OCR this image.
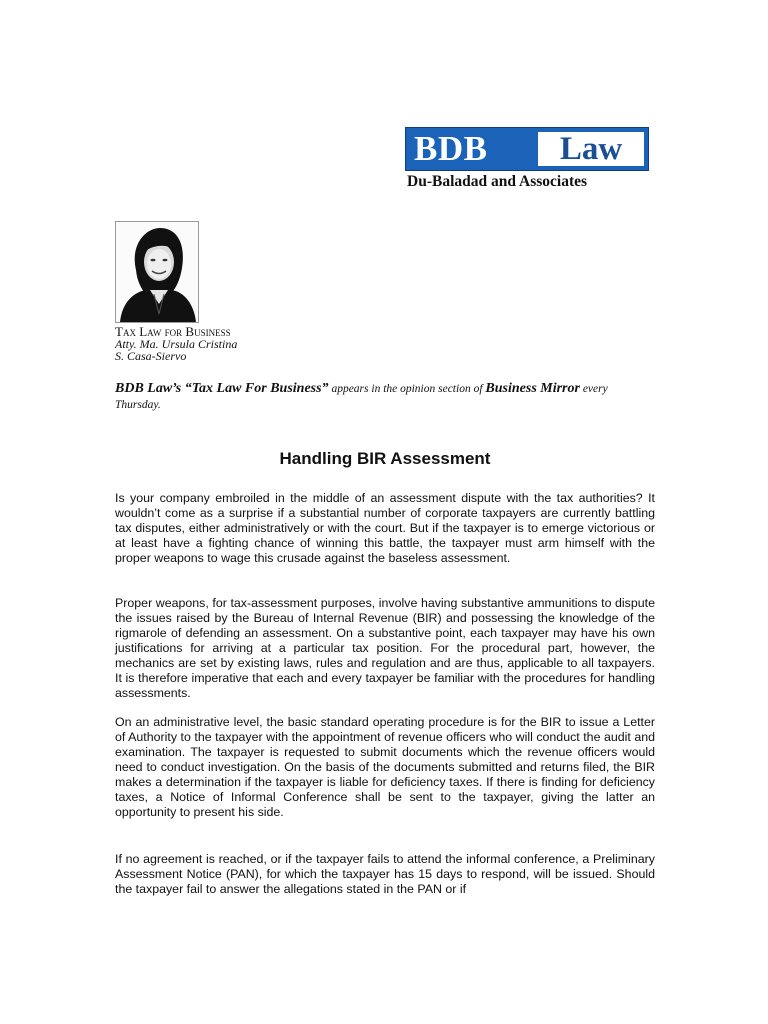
BDB	Law
Du-Baladad and Associates
Tax Law for Business
Atty. Ma. Ursula Cristina
S. Casa-Siervo
BDB Law’s “Tax Law For Business” appears in the opinion section of Business Mirror every Thursday.
Handling BIR Assessment

Is your company embroiled in the middle of an assessment dispute with the tax authorities? It wouldn’t come as a surprise if a substantial number of corporate taxpayers are currently battling tax disputes, either administratively or with the court. But if the taxpayer is to emerge victorious or at least have a fighting chance of winning this battle, the taxpayer must arm himself with the proper weapons to wage this crusade against the baseless assessment.

Proper weapons, for tax-assessment purposes, involve having substantive ammunitions to dispute the issues raised by the Bureau of Internal Revenue (BIR) and possessing the knowledge of the rigmarole of defending an assessment. On a substantive point, each taxpayer may have his own justifications for arriving at a particular tax position. For the procedural part, however, the mechanics are set by existing laws, rules and regulation and are thus, applicable to all taxpayers. It is therefore imperative that each and every taxpayer be familiar with the procedures for handling assessments.

On an administrative level, the basic standard operating procedure is for the BIR to issue a Letter of Authority to the taxpayer with the appointment of revenue officers who will conduct the audit and examination. The taxpayer is requested to submit documents which the revenue officers would need to conduct investigation. On the basis of the documents submitted and returns filed, the BIR makes a determination if the taxpayer is liable for deficiency taxes. If there is finding for deficiency taxes, a Notice of Informal Conference shall be sent to the taxpayer, giving the latter an opportunity to present his side.

If no agreement is reached, or if the taxpayer fails to attend the informal conference, a Preliminary Assessment Notice (PAN), for which the taxpayer has 15 days to respond, will be issued. Should the taxpayer fail to answer the allegations stated in the PAN or if
